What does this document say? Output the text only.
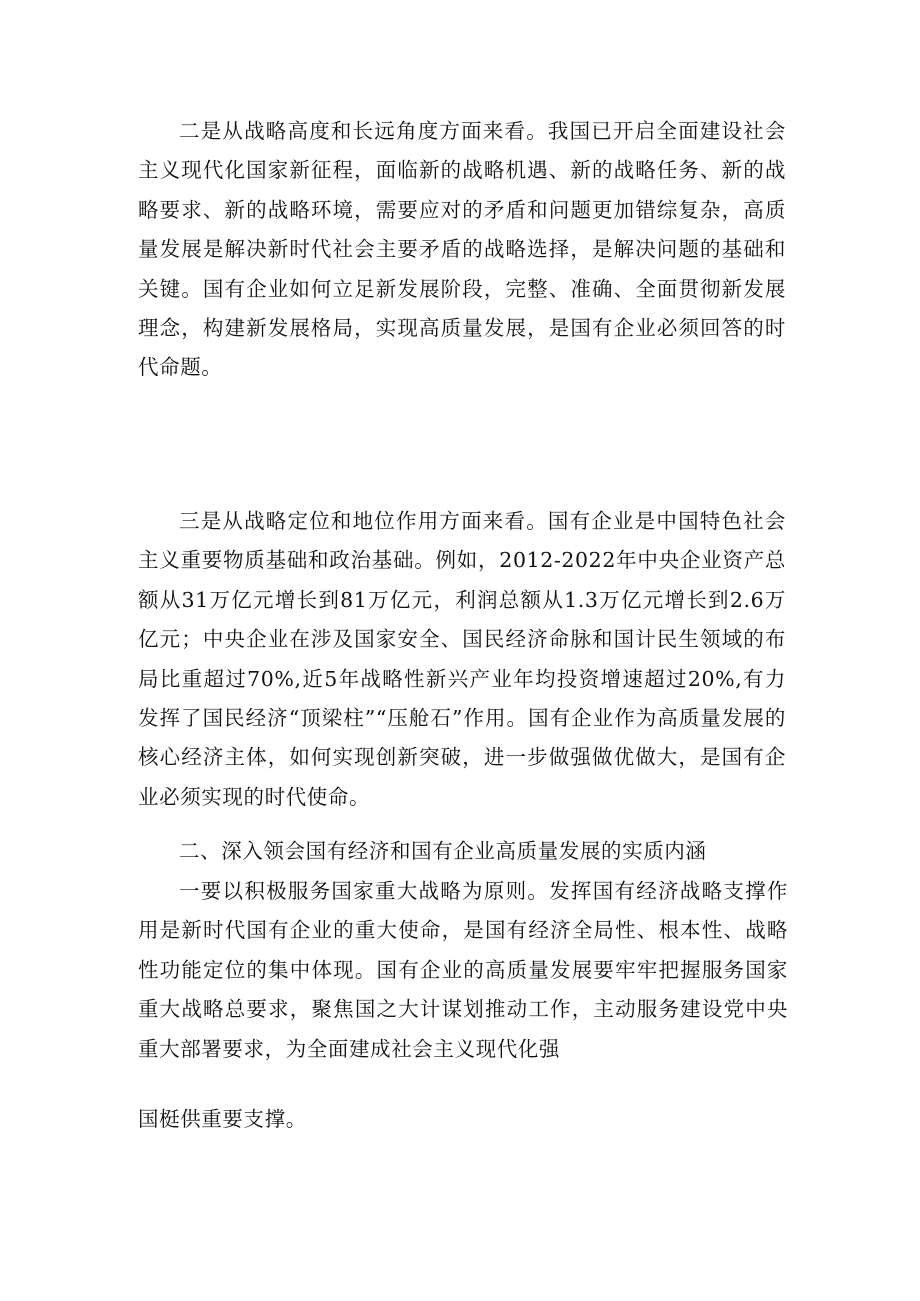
二是从战略高度和长远角度方面来看。我国已开启全面建设社会主义现代化国家新征程，面临新的战略机遇、新的战略任务、新的战略要求、新的战略环境，需要应对的矛盾和问题更加错综复杂，高质量发展是解决新时代社会主要矛盾的战略选择，是解决问题的基础和关键。国有企业如何立足新发展阶段，完整、准确、全面贯彻新发展理念，构建新发展格局，实现高质量发展，是国有企业必须回答的时代命题。

三是从战略定位和地位作用方面来看。国有企业是中国特色社会主义重要物质基础和政治基础。例如，2012-2022年中央企业资产总额从31万亿元增长到81万亿元，利润总额从1.3万亿元增长到2.6万亿元；中央企业在涉及国家安全、国民经济命脉和国计民生领域的布局比重超过70%,近5年战略性新兴产业年均投资增速超过20%,有力发挥了国民经济“顶梁柱”“压舱石”作用。国有企业作为高质量发展的核心经济主体，如何实现创新突破，进一步做强做优做大，是国有企业必须实现的时代使命。

二、深入领会国有经济和国有企业高质量发展的实质内涵

一要以积极服务国家重大战略为原则。发挥国有经济战略支撑作用是新时代国有企业的重大使命，是国有经济全局性、根本性、战略性功能定位的集中体现。国有企业的高质量发展要牢牢把握服务国家重大战略总要求，聚焦国之大计谋划推动工作，主动服务建设党中央重大部署要求，为全面建成社会主义现代化强

国梃供重要支撑。
